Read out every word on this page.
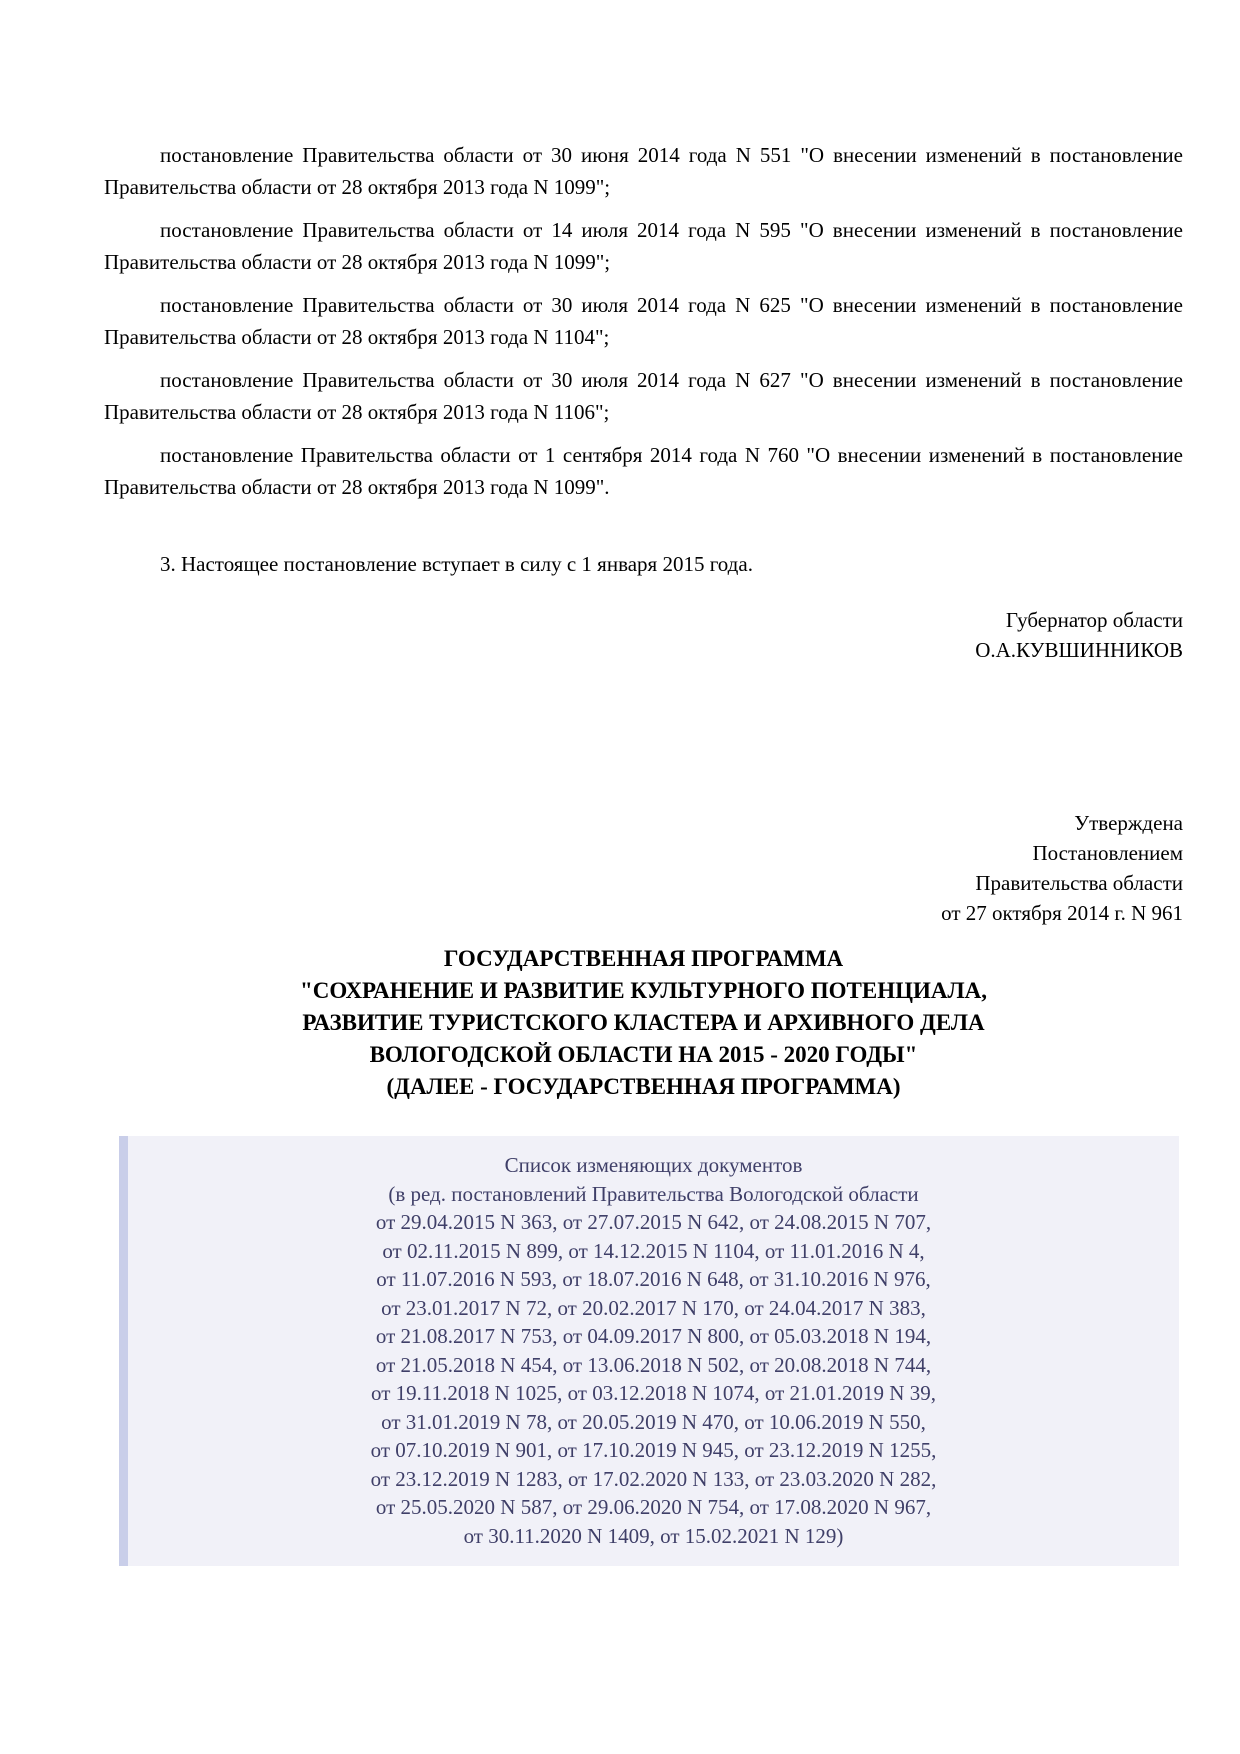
постановление Правительства области от 30 июня 2014 года N 551 "О внесении изменений в постановление Правительства области от 28 октября 2013 года N 1099";

постановление Правительства области от 14 июля 2014 года N 595 "О внесении изменений в постановление Правительства области от 28 октября 2013 года N 1099";

постановление Правительства области от 30 июля 2014 года N 625 "О внесении изменений в постановление Правительства области от 28 октября 2013 года N 1104";

постановление Правительства области от 30 июля 2014 года N 627 "О внесении изменений в постановление Правительства области от 28 октября 2013 года N 1106";

постановление Правительства области от 1 сентября 2014 года N 760 "О внесении изменений в постановление Правительства области от 28 октября 2013 года N 1099".

3. Настоящее постановление вступает в силу с 1 января 2015 года.

Губернатор области
О.А.КУВШИННИКОВ
Утверждена
Постановлением
Правительства области
от 27 октября 2014 г. N 961
ГОСУДАРСТВЕННАЯ ПРОГРАММА
"СОХРАНЕНИЕ И РАЗВИТИЕ КУЛЬТУРНОГО ПОТЕНЦИАЛА,
РАЗВИТИЕ ТУРИСТСКОГО КЛАСТЕРА И АРХИВНОГО ДЕЛА
ВОЛОГОДСКОЙ ОБЛАСТИ НА 2015 - 2020 ГОДЫ"
(ДАЛЕЕ - ГОСУДАРСТВЕННАЯ ПРОГРАММА)
Список изменяющих документов
(в ред. постановлений Правительства Вологодской области
от 29.04.2015 N 363, от 27.07.2015 N 642, от 24.08.2015 N 707,
от 02.11.2015 N 899, от 14.12.2015 N 1104, от 11.01.2016 N 4,
от 11.07.2016 N 593, от 18.07.2016 N 648, от 31.10.2016 N 976,
от 23.01.2017 N 72, от 20.02.2017 N 170, от 24.04.2017 N 383,
от 21.08.2017 N 753, от 04.09.2017 N 800, от 05.03.2018 N 194,
от 21.05.2018 N 454, от 13.06.2018 N 502, от 20.08.2018 N 744,
от 19.11.2018 N 1025, от 03.12.2018 N 1074, от 21.01.2019 N 39,
от 31.01.2019 N 78, от 20.05.2019 N 470, от 10.06.2019 N 550,
от 07.10.2019 N 901, от 17.10.2019 N 945, от 23.12.2019 N 1255,
от 23.12.2019 N 1283, от 17.02.2020 N 133, от 23.03.2020 N 282,
от 25.05.2020 N 587, от 29.06.2020 N 754, от 17.08.2020 N 967,
от 30.11.2020 N 1409, от 15.02.2021 N 129)
